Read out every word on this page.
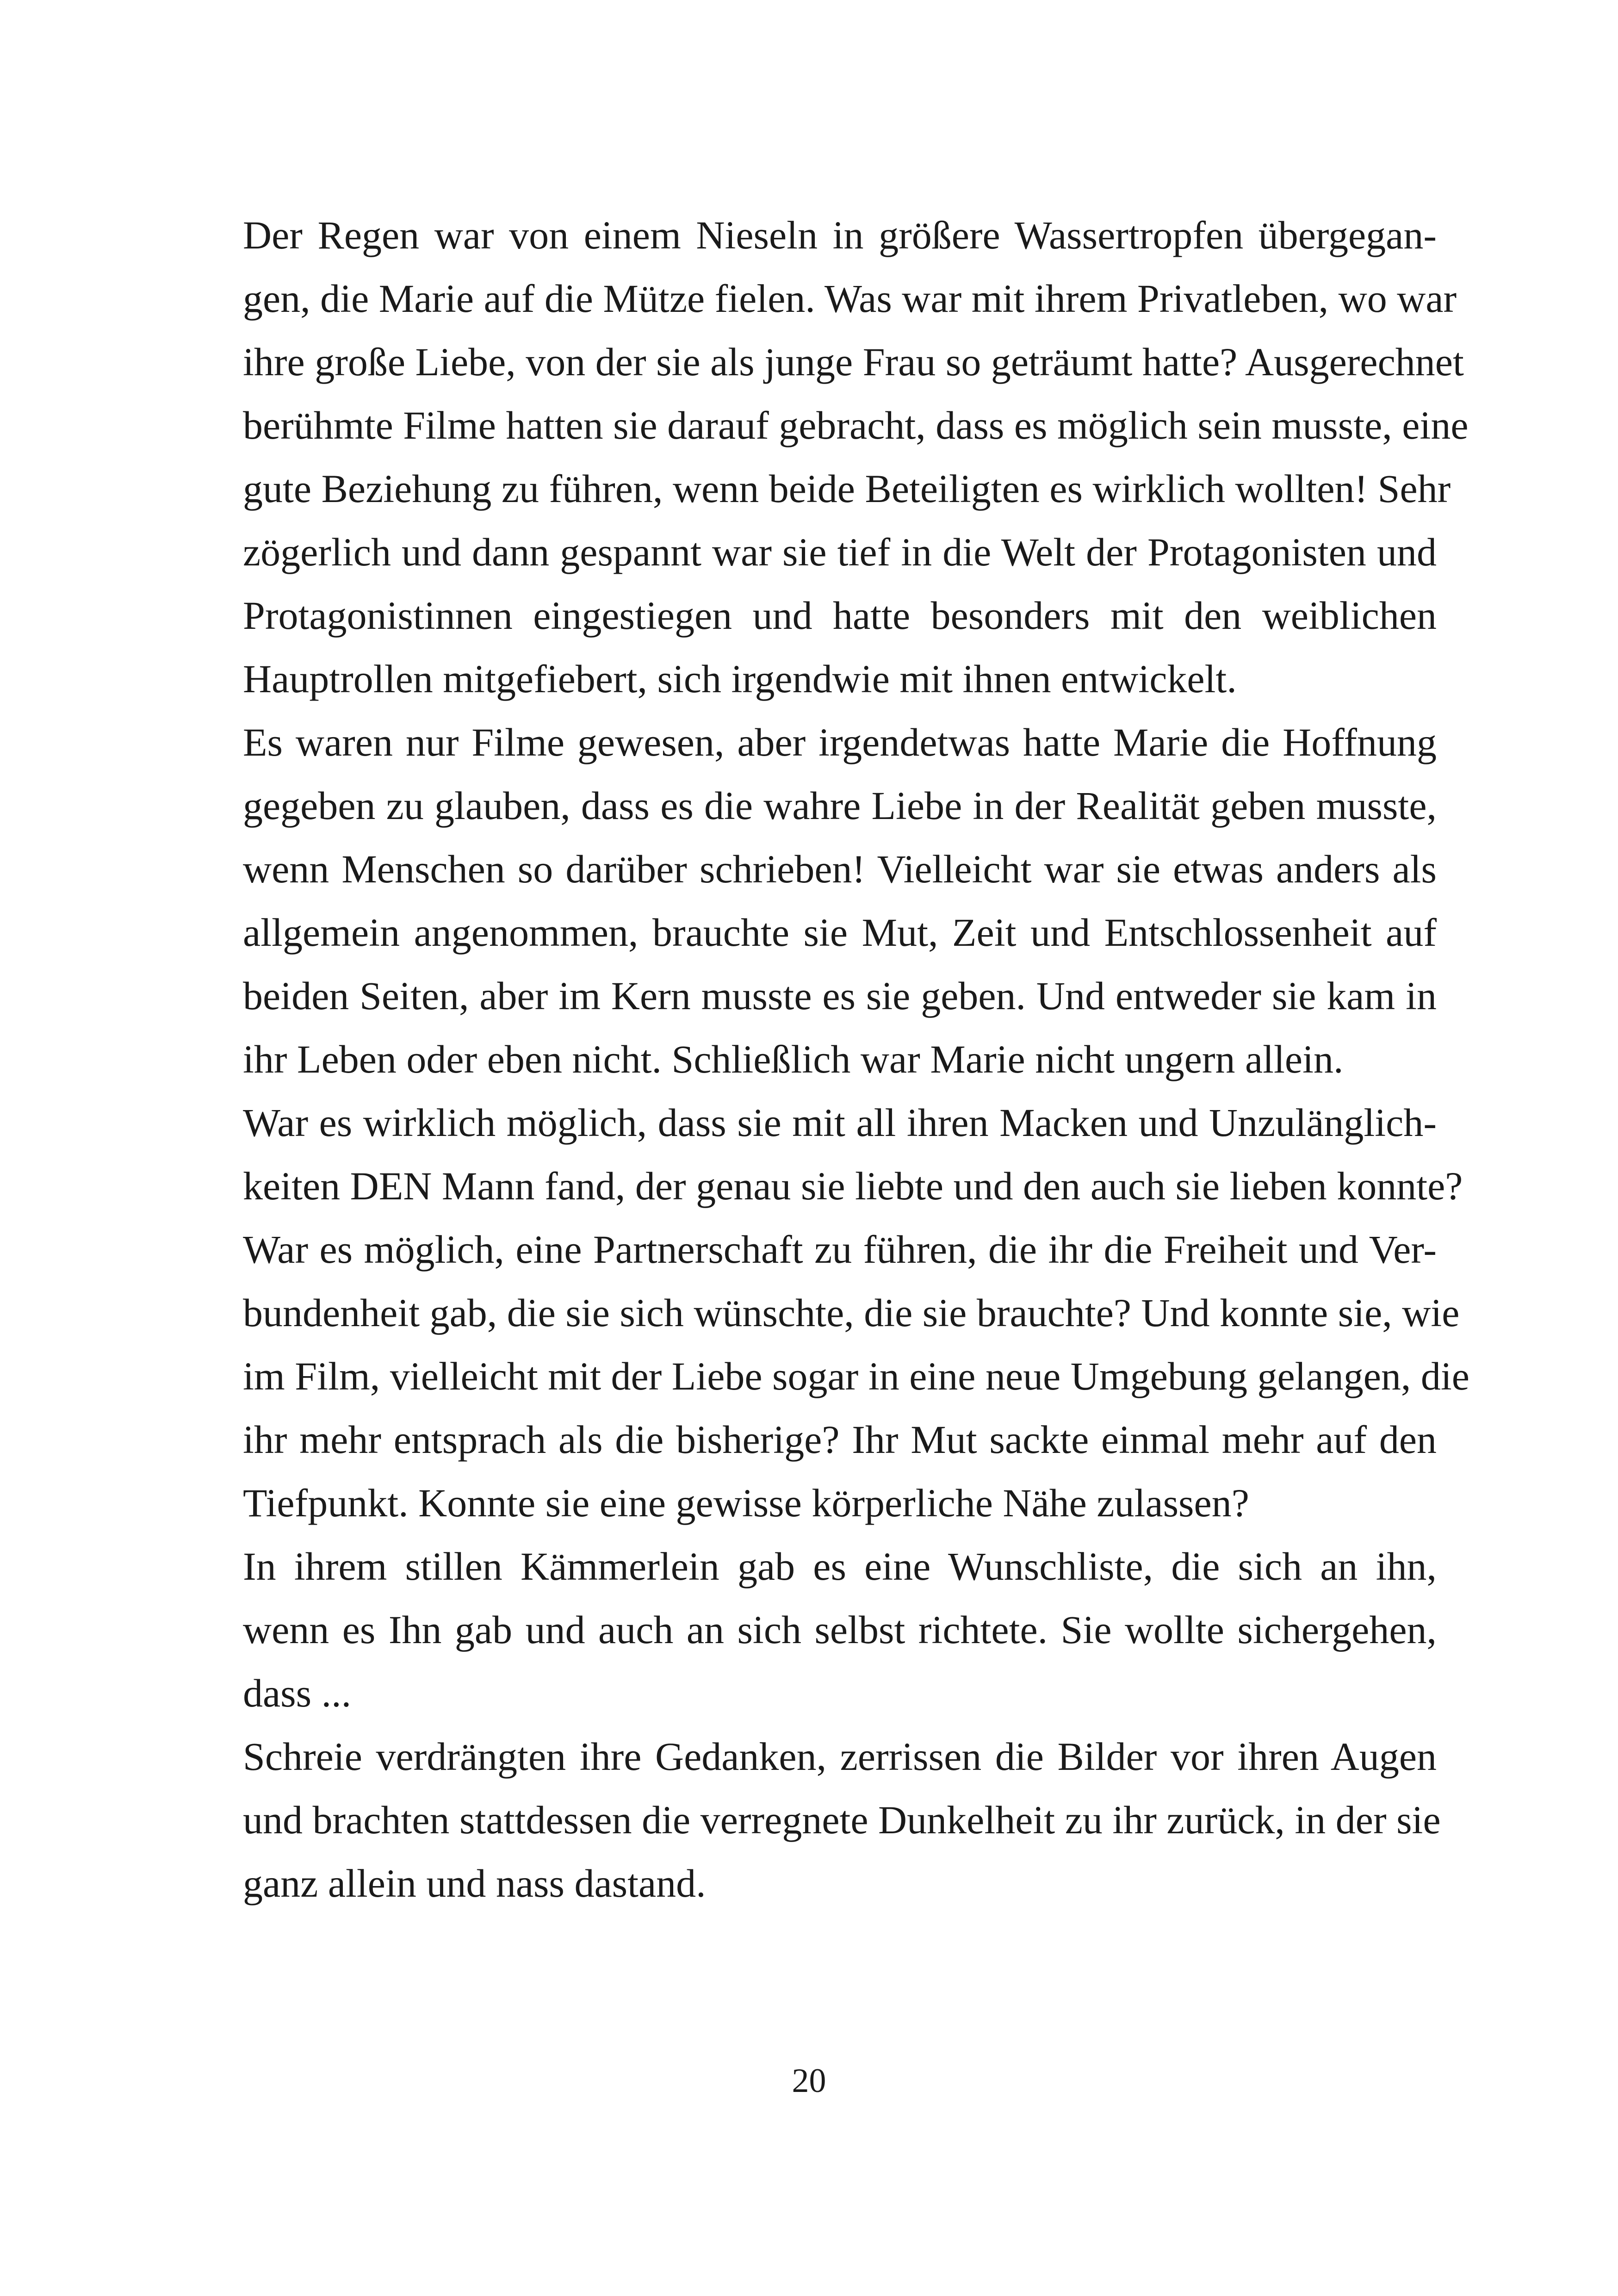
Der Regen war von einem Nieseln in größere Wassertropfen übergegan-
gen, die Marie auf die Mütze fielen. Was war mit ihrem Privatleben, wo war
ihre große Liebe, von der sie als junge Frau so geträumt hatte? Ausgerechnet
berühmte Filme hatten sie darauf gebracht, dass es möglich sein musste, eine
gute Beziehung zu führen, wenn beide Beteiligten es wirklich wollten! Sehr
zögerlich und dann gespannt war sie tief in die Welt der Protagonisten und
Protagonistinnen eingestiegen und hatte besonders mit den weiblichen
Hauptrollen mitgefiebert, sich irgendwie mit ihnen entwickelt.

Es waren nur Filme gewesen, aber irgendetwas hatte Marie die Hoffnung
gegeben zu glauben, dass es die wahre Liebe in der Realität geben musste,
wenn Menschen so darüber schrieben! Vielleicht war sie etwas anders als
allgemein angenommen, brauchte sie Mut, Zeit und Entschlossenheit auf
beiden Seiten, aber im Kern musste es sie geben. Und entweder sie kam in
ihr Leben oder eben nicht. Schließlich war Marie nicht ungern allein.

War es wirklich möglich, dass sie mit all ihren Macken und Unzulänglich-
keiten DEN Mann fand, der genau sie liebte und den auch sie lieben konnte?
War es möglich, eine Partnerschaft zu führen, die ihr die Freiheit und Ver-
bundenheit gab, die sie sich wünschte, die sie brauchte? Und konnte sie, wie
im Film, vielleicht mit der Liebe sogar in eine neue Umgebung gelangen, die
ihr mehr entsprach als die bisherige? Ihr Mut sackte einmal mehr auf den
Tiefpunkt. Konnte sie eine gewisse körperliche Nähe zulassen?

In ihrem stillen Kämmerlein gab es eine Wunschliste, die sich an ihn,
wenn es Ihn gab und auch an sich selbst richtete. Sie wollte sichergehen,
dass ...

Schreie verdrängten ihre Gedanken, zerrissen die Bilder vor ihren Augen
und brachten stattdessen die verregnete Dunkelheit zu ihr zurück, in der sie
ganz allein und nass dastand.

20
